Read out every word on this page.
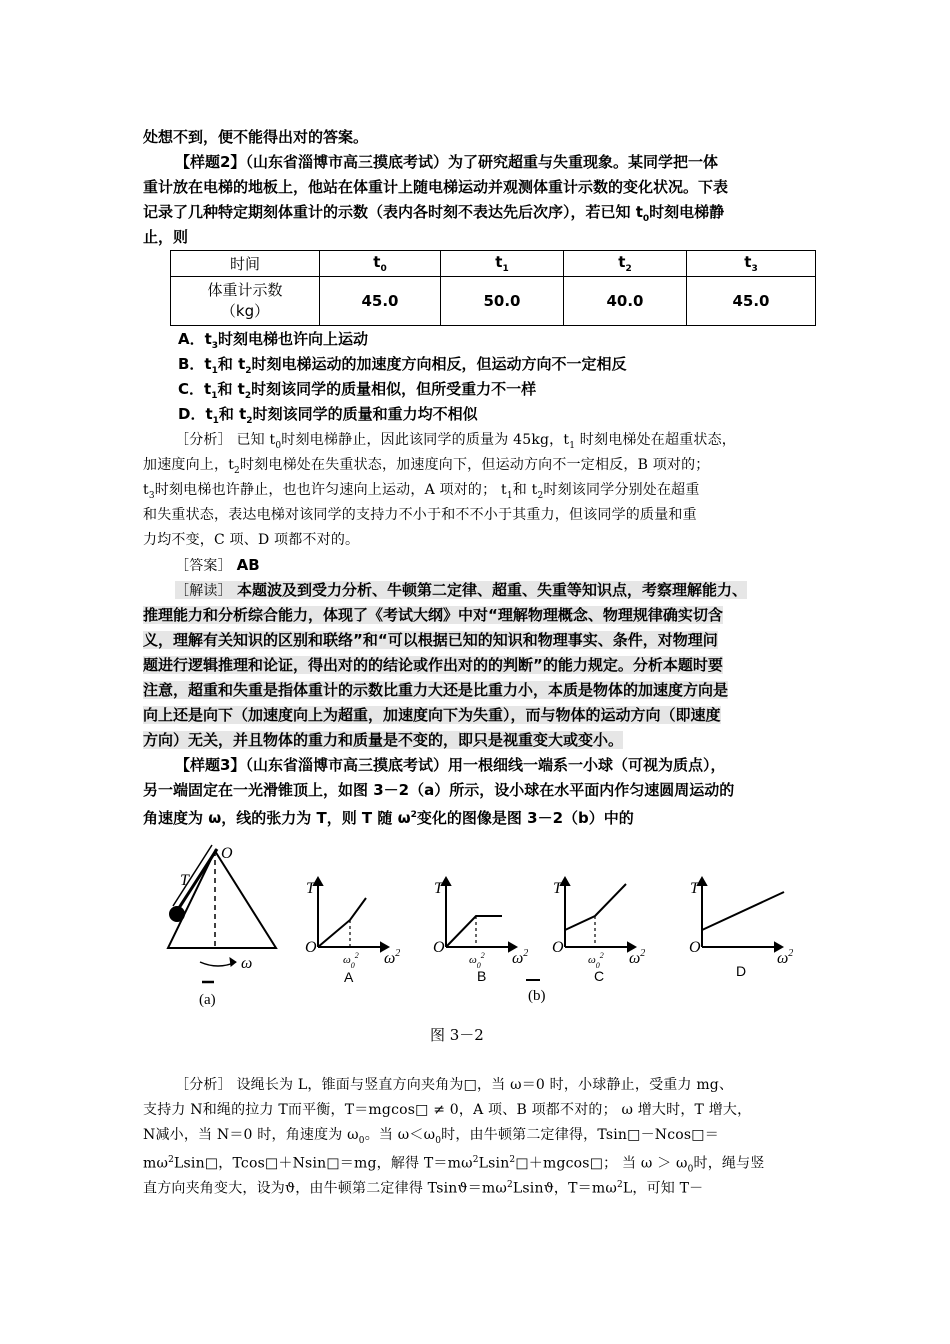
处想不到，便不能得出对的答案。
【样题2】（山东省淄博市高三摸底考试）为了研究超重与失重现象。某同学把一体
重计放在电梯的地板上，他站在体重计上随电梯运动并观测体重计示数的变化状况。下表
记录了几种特定期刻体重计的示数（表内各时刻不表达先后次序），若已知 $t_0$时刻电梯静
止，则
时间	$t_0$	$t_1$	$t_2$	$t_3$
体重计示数
（kg）	45.0	50.0	40.0	45.0
A．$t_3$时刻电梯也许向上运动
B．$t_1$和 $t_2$时刻电梯运动的加速度方向相反，但运动方向不一定相反
C．$t_1$和 $t_2$时刻该同学的质量相似，但所受重力不一样
D．$t_1$和 $t_2$时刻该同学的质量和重力均不相似
［分析］ 已知 $t_0$时刻电梯静止，因此该同学的质量为 45kg，$t_1$ 时刻电梯处在超重状态，
加速度向上，$t_2$时刻电梯处在失重状态，加速度向下，但运动方向不一定相反，B 项对的；
$t_3$时刻电梯也许静止，也也许匀速向上运动，A 项对的； $t_1$和 $t_2$时刻该同学分别处在超重
和失重状态，表达电梯对该同学的支持力不小于和不不小于其重力，但该同学的质量和重
力均不变，C 项、D 项都不对的。
［答案］ AB
［解读］ 本题波及到受力分析、牛顿第二定律、超重、失重等知识点，考察理解能力、
推理能力和分析综合能力，体现了《考试大纲》中对“理解物理概念、物理规律确实切含
义，理解有关知识的区别和联络”和“可以根据已知的知识和物理事实、条件，对物理问
题进行逻辑推理和论证，得出对的的结论或作出对的的判断”的能力规定。分析本题时要
注意，超重和失重是指体重计的示数比重力大还是比重力小，本质是物体的加速度方向是
向上还是向下（加速度向上为超重，加速度向下为失重），而与物体的运动方向（即速度
方向）无关，并且物体的重力和质量是不变的，即只是视重变大或变小。
【样题3】（山东省淄博市高三摸底考试）用一根细线一端系一小球（可视为质点），
另一端固定在一光滑锥顶上，如图 3－2（a）所示，设小球在水平面内作匀速圆周运动的
角速度为 ω，线的张力为 T，则 T 随 $\omega^2$变化的图像是图 3－2（b）中的
O
T
ω
T
O
$\omega_0^2$ $\omega^2$
A
T
O
$\omega_0^2$ $\omega^2$
B
T
O
$\omega_0^2$ $\omega^2$
C
T
O
$\omega^2$
D
(a)	(b)
图 3－2
［分析］ 设绳长为 L，锥面与竖直方向夹角为□，当 ω＝0 时，小球静止，受重力 mg、
支持力 N和绳的拉力 T而平衡，T＝mgcos□ ≠ 0，A 项、B 项都不对的； ω 增大时，T 增大，
N减小，当 N＝0 时，角速度为 $\omega_0$。当 $\omega<\omega_0$时，由牛顿第二定律得，Tsin□－Ncos□＝
$m\omega^2Lsin□$，Tcos□＋Nsin□＝mg，解得 $T=m\omega^2Lsin^2□+mgcos□$； 当 $\omega > \omega_0$时，绳与竖
直方向夹角变大，设为ϑ，由牛顿第二定律得 $Tsinϑ=m\omega^2Lsinϑ$，$T=m\omega^2L$，可知 T－
